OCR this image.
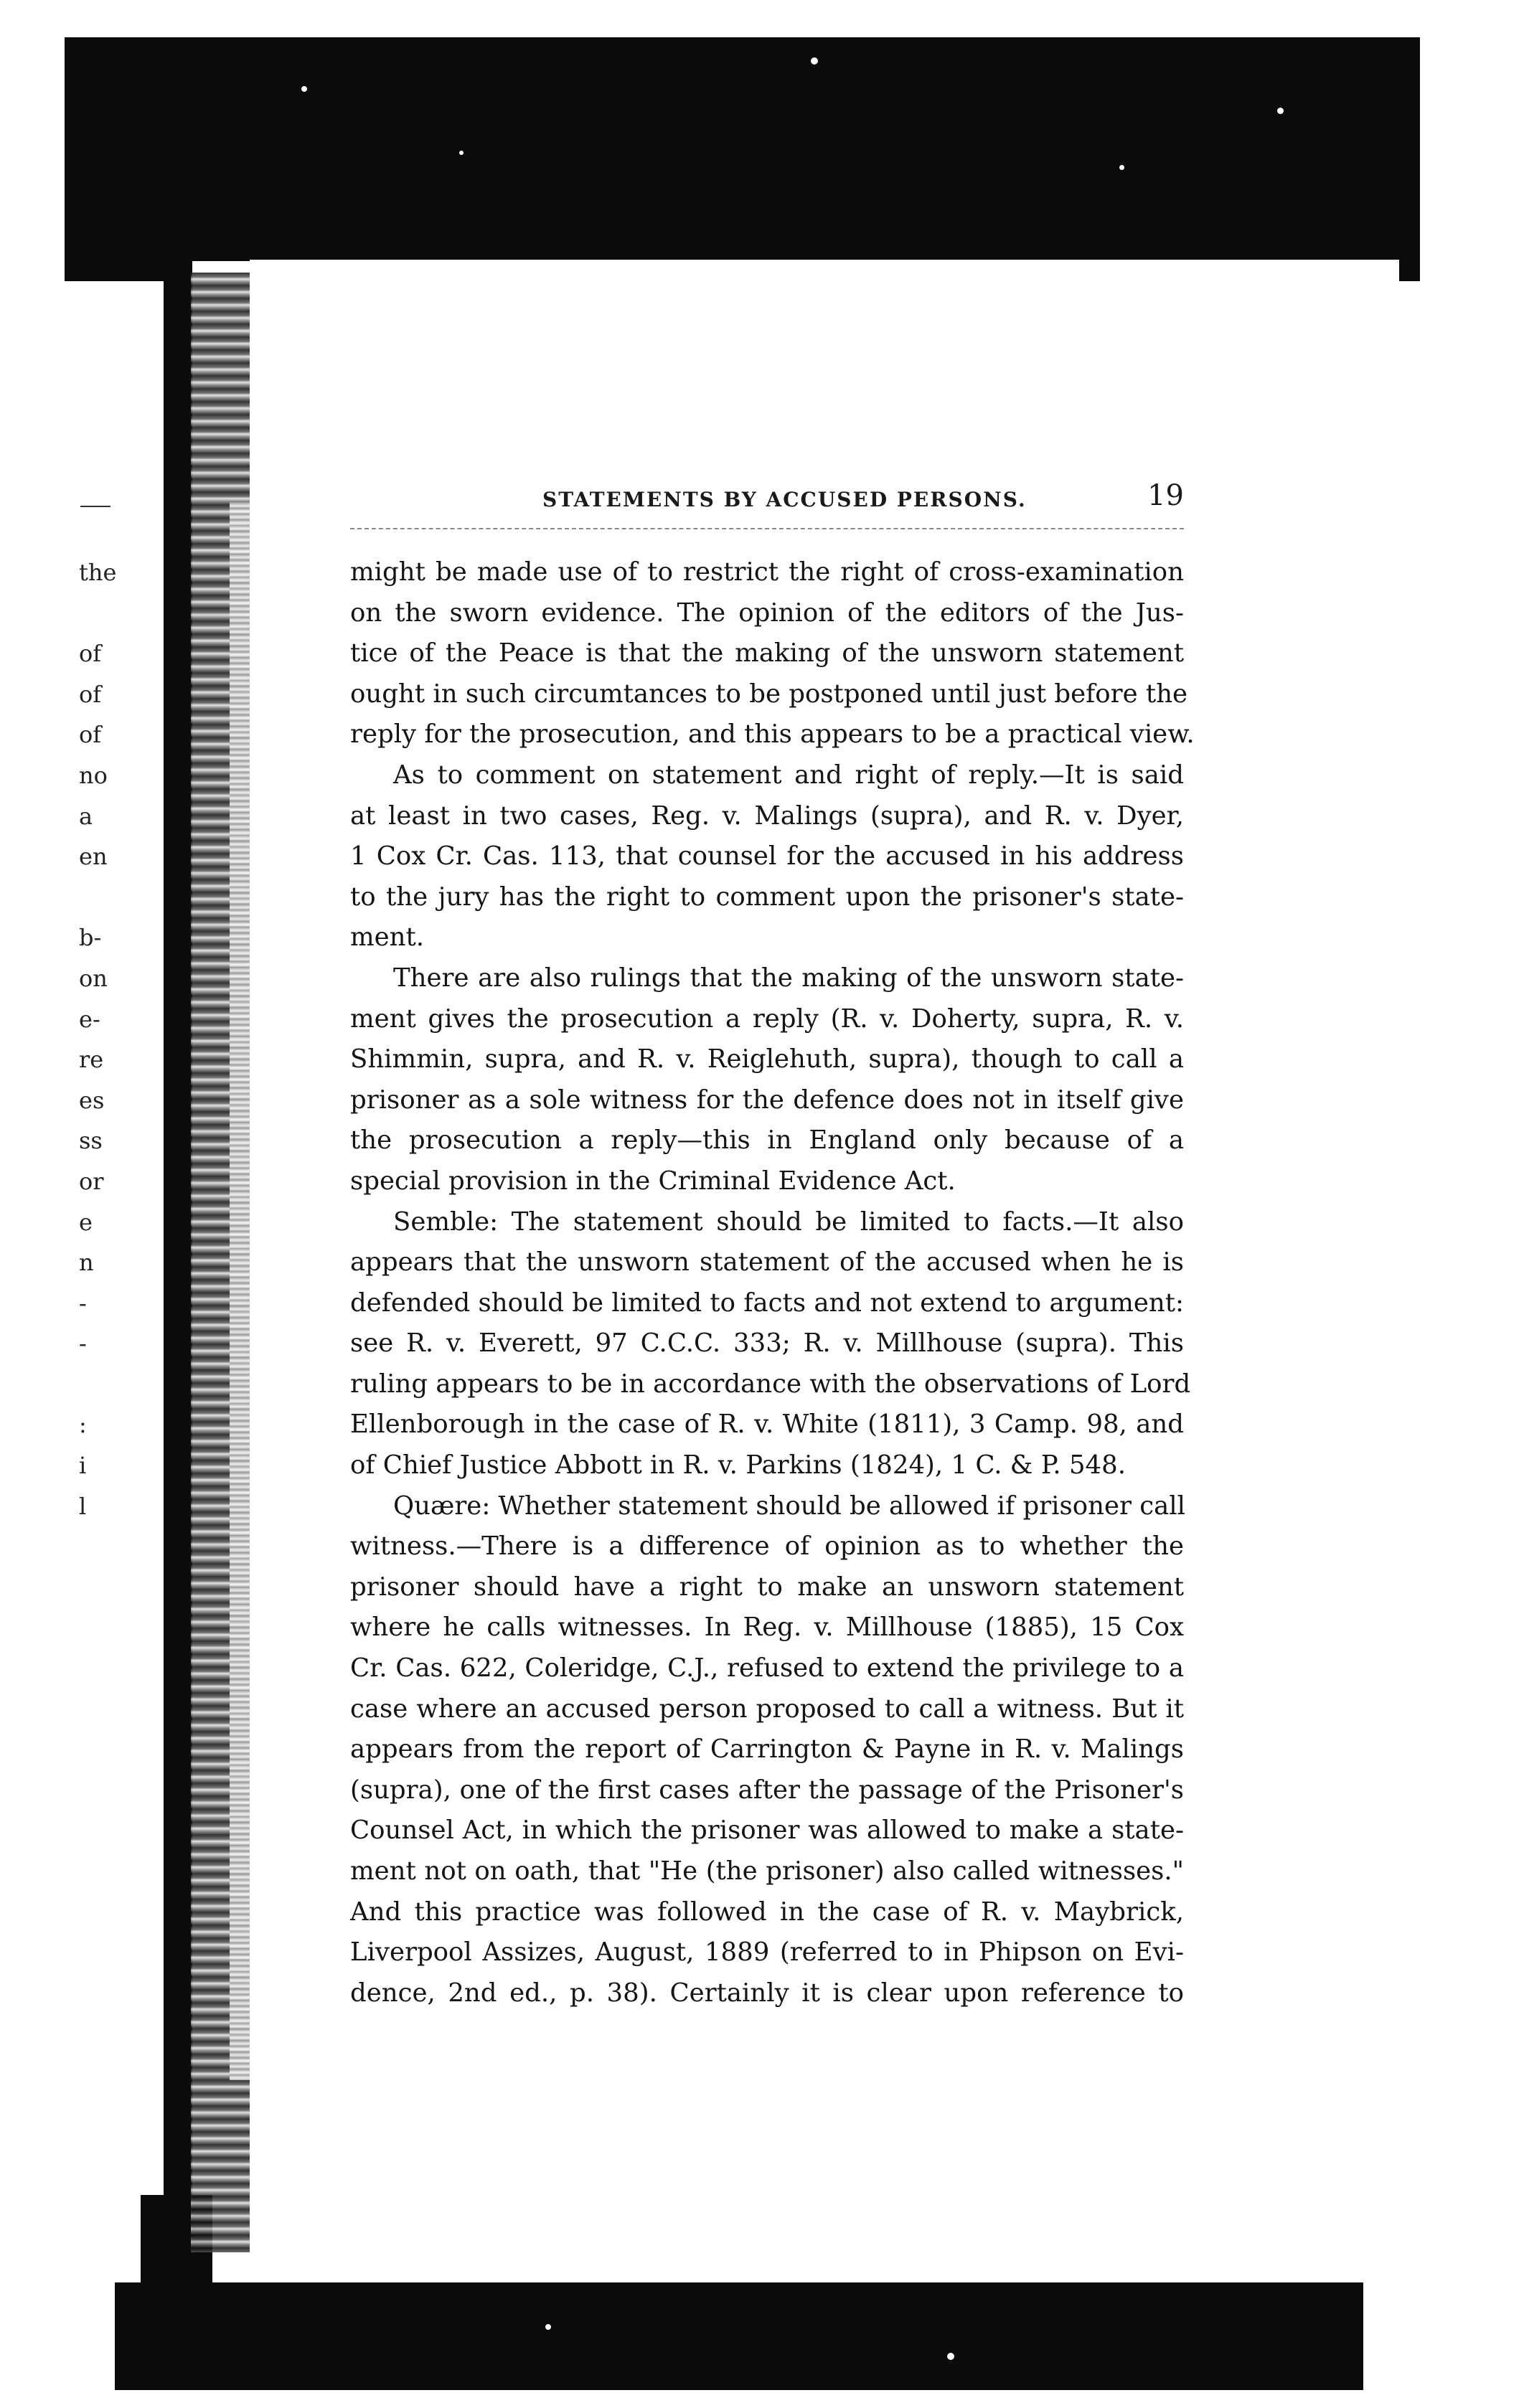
the
of
of
of
no
a
en
b-
on
e-
re
es
ss
or
e
n
-
-
:
i
l
STATEMENTS BY ACCUSED PERSONS.	19
might be made use of to restrict the right of cross-examination
on the sworn evidence. The opinion of the editors of the Jus-
tice of the Peace is that the making of the unsworn statement
ought in such circumtances to be postponed until just before the
reply for the prosecution, and this appears to be a practical view.
As to comment on statement and right of reply.—It is said
at least in two cases, Reg. v. Malings (supra), and R. v. Dyer,
1 Cox Cr. Cas. 113, that counsel for the accused in his address
to the jury has the right to comment upon the prisoner's state-
ment.
There are also rulings that the making of the unsworn state-
ment gives the prosecution a reply (R. v. Doherty, supra, R. v.
Shimmin, supra, and R. v. Reiglehuth, supra), though to call a
prisoner as a sole witness for the defence does not in itself give
the prosecution a reply—this in England only because of a
special provision in the Criminal Evidence Act.
Semble: The statement should be limited to facts.—It also
appears that the unsworn statement of the accused when he is
defended should be limited to facts and not extend to argument:
see R. v. Everett, 97 C.C.C. 333; R. v. Millhouse (supra). This
ruling appears to be in accordance with the observations of Lord
Ellenborough in the case of R. v. White (1811), 3 Camp. 98, and
of Chief Justice Abbott in R. v. Parkins (1824), 1 C. & P. 548.
Quære: Whether statement should be allowed if prisoner call
witness.—There is a difference of opinion as to whether the
prisoner should have a right to make an unsworn statement
where he calls witnesses. In Reg. v. Millhouse (1885), 15 Cox
Cr. Cas. 622, Coleridge, C.J., refused to extend the privilege to a
case where an accused person proposed to call a witness. But it
appears from the report of Carrington & Payne in R. v. Malings
(supra), one of the first cases after the passage of the Prisoner's
Counsel Act, in which the prisoner was allowed to make a state-
ment not on oath, that "He (the prisoner) also called witnesses."
And this practice was followed in the case of R. v. Maybrick,
Liverpool Assizes, August, 1889 (referred to in Phipson on Evi-
dence, 2nd ed., p. 38). Certainly it is clear upon reference to
